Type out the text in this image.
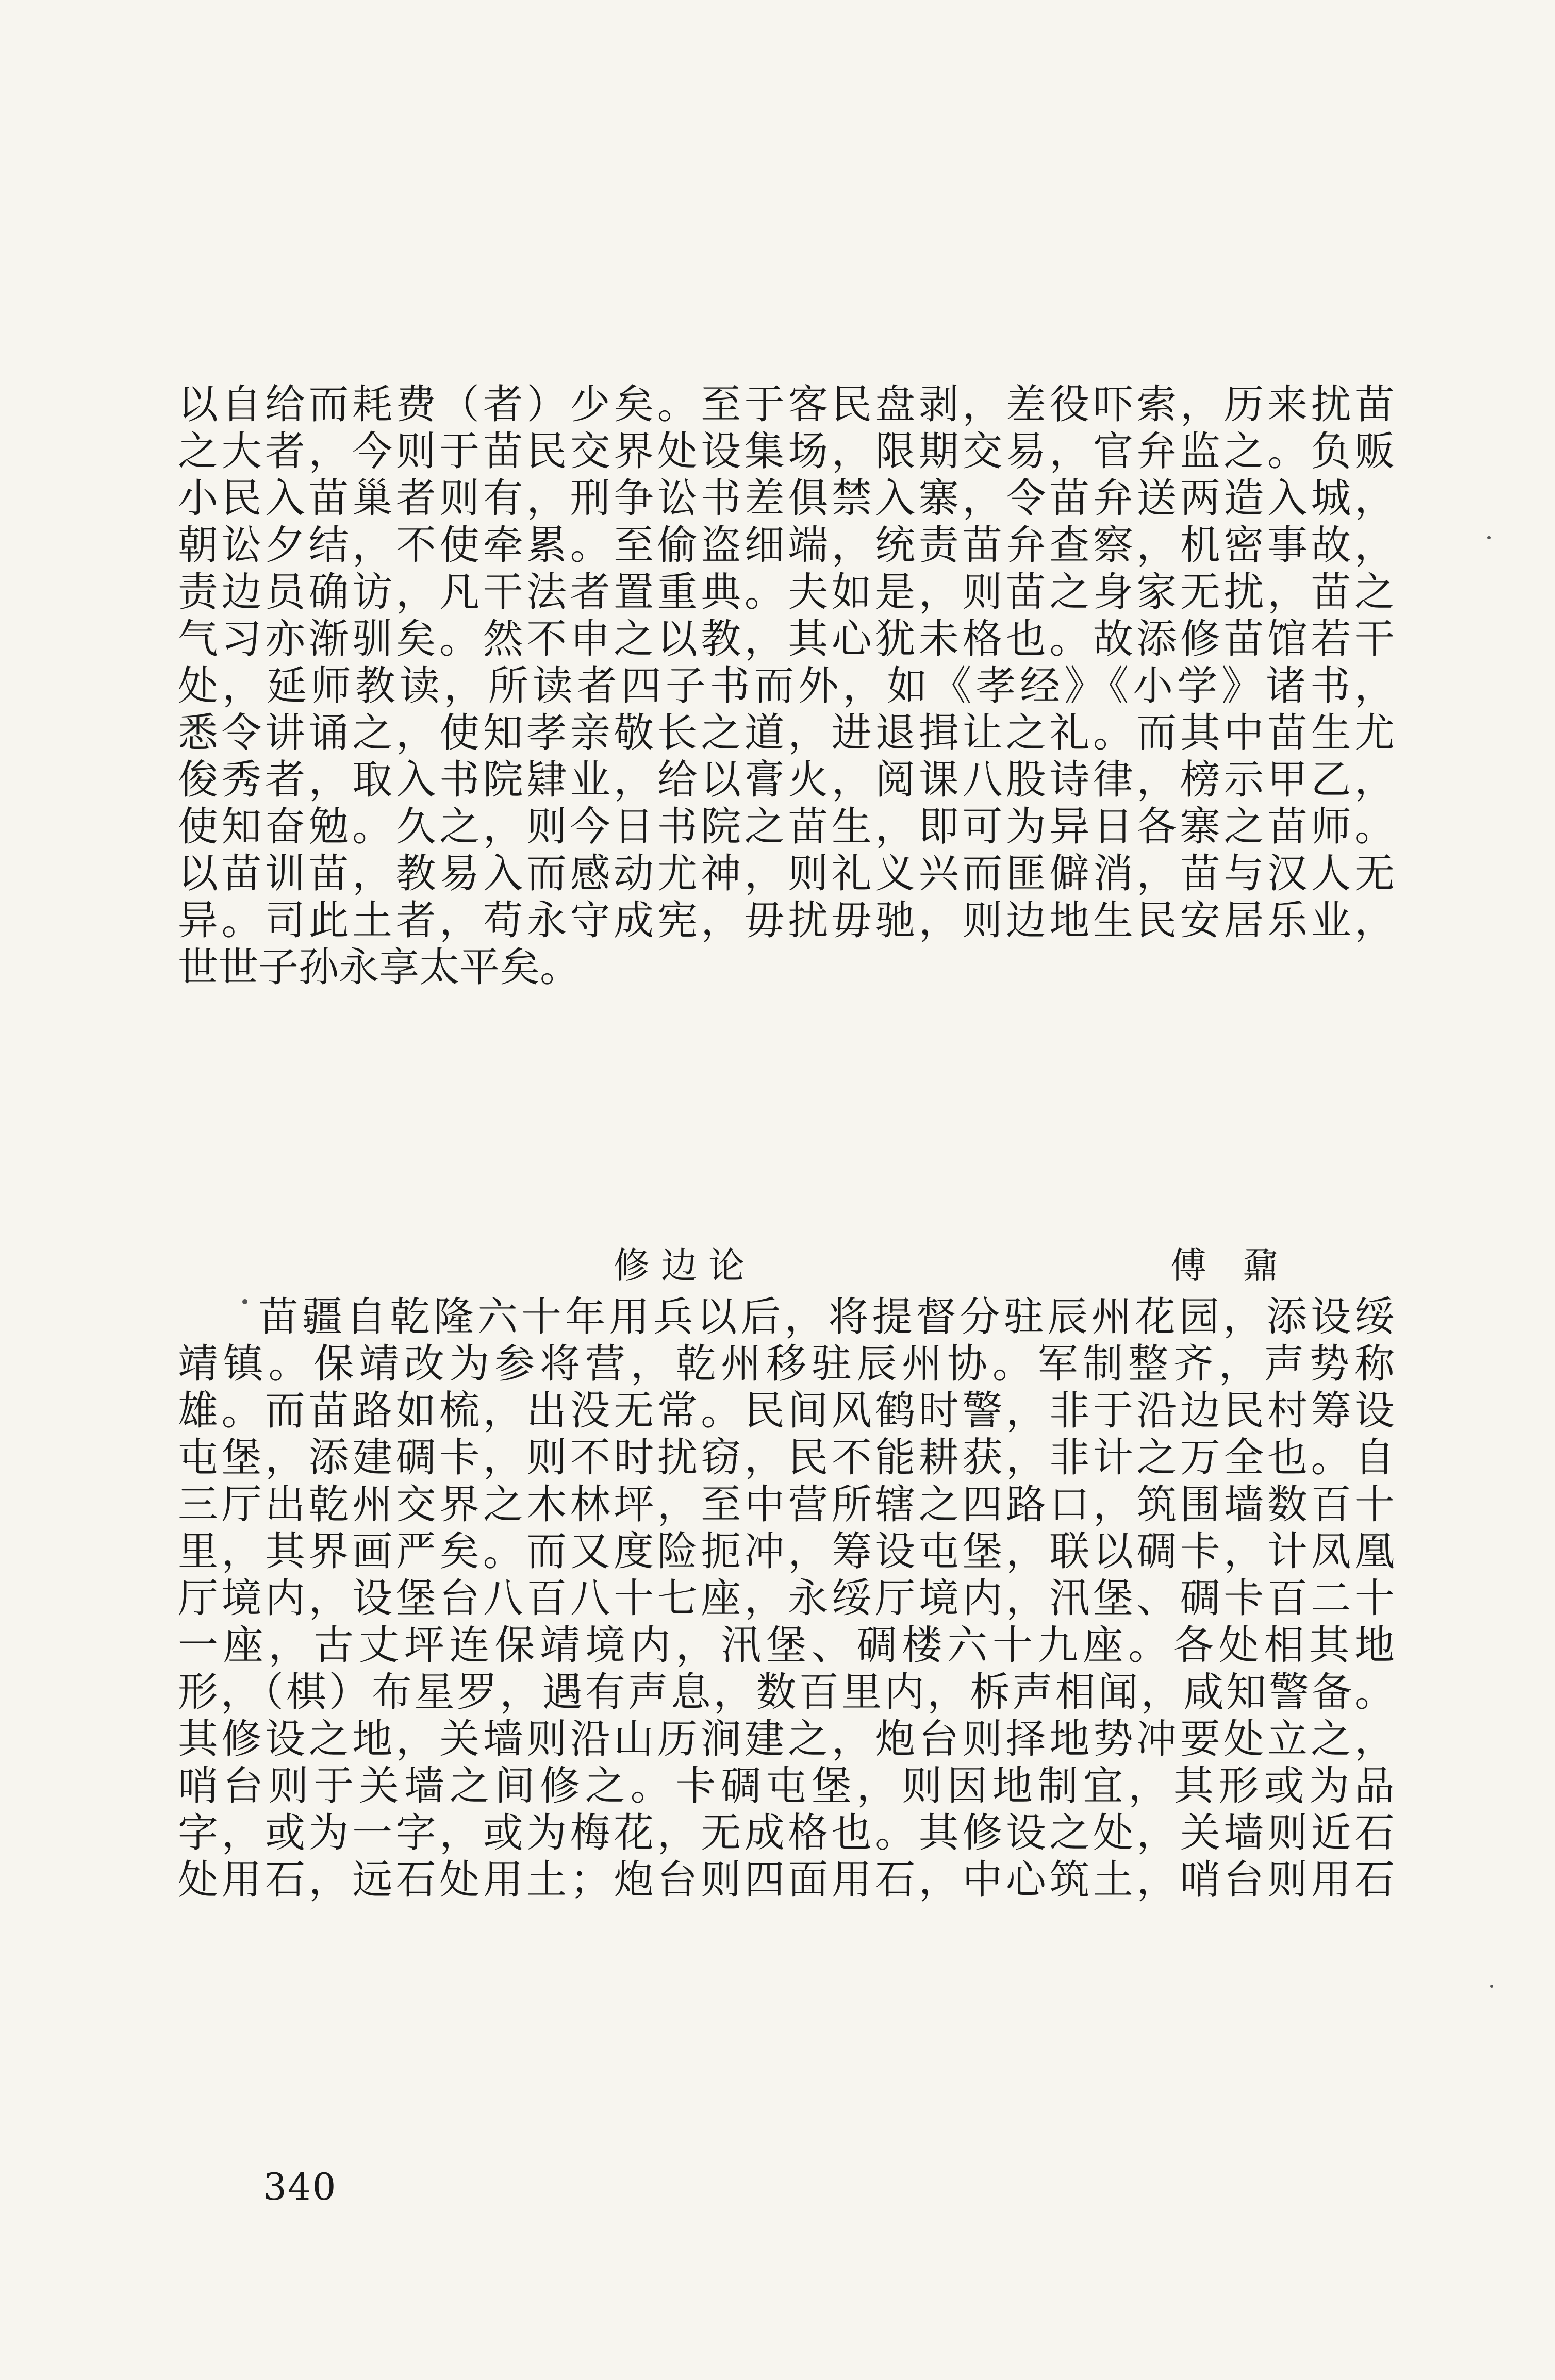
以自给而耗费（者）少矣。至于客民盘剥，差役吓索，历来扰苗
之大者，今则于苗民交界处设集场，限期交易，官弁监之。负贩
小民入苗巢者则有，刑争讼书差俱禁入寨，令苗弁送两造入城，
朝讼夕结，不使牵累。至偷盗细端，统责苗弁查察，机密事故，
责边员确访，凡干法者置重典。夫如是，则苗之身家无扰，苗之
气习亦渐驯矣。然不申之以教，其心犹未格也。故添修苗馆若干
处，延师教读，所读者四子书而外，如《孝经》《小学》诸书，
悉令讲诵之，使知孝亲敬长之道，进退揖让之礼。而其中苗生尤
俊秀者，取入书院肄业，给以膏火，阅课八股诗律，榜示甲乙，
使知奋勉。久之，则今日书院之苗生，即可为异日各寨之苗师。
以苗训苗，教易入而感动尤神，则礼义兴而匪僻消，苗与汉人无
异。司此土者，苟永守成宪，毋扰毋驰，则边地生民安居乐业，
世世子孙永享太平矣。
修边论	傅鼐
苗疆自乾隆六十年用兵以后，将提督分驻辰州花园，添设绥
靖镇。保靖改为参将营，乾州移驻辰州协。军制整齐，声势称
雄。而苗路如梳，出没无常。民间风鹤时警，非于沿边民村筹设
屯堡，添建碉卡，则不时扰窃，民不能耕获，非计之万全也。自
三厅出乾州交界之木林坪，至中营所辖之四路口，筑围墙数百十
里，其界画严矣。而又度险扼冲，筹设屯堡，联以碉卡，计凤凰
厅境内，设堡台八百八十七座，永绥厅境内，汛堡、碉卡百二十
一座，古丈坪连保靖境内，汛堡、碉楼六十九座。各处相其地
形，（棋）布星罗，遇有声息，数百里内，柝声相闻，咸知警备。
其修设之地，关墙则沿山历涧建之，炮台则择地势冲要处立之，
哨台则于关墙之间修之。卡碉屯堡，则因地制宜，其形或为品
字，或为一字，或为梅花，无成格也。其修设之处，关墙则近石
处用石，远石处用土；炮台则四面用石，中心筑土，哨台则用石
340
